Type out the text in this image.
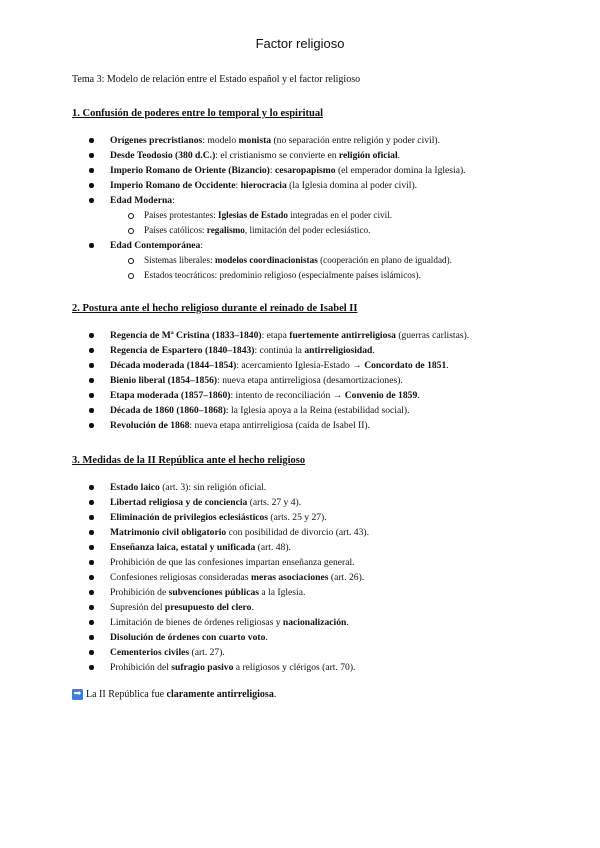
Factor religioso
Tema 3: Modelo de relación entre el Estado español y el factor religioso
1. Confusión de poderes entre lo temporal y lo espiritual
Orígenes precristianos: modelo monista (no separación entre religión y poder civil).
Desde Teodosio (380 d.C.): el cristianismo se convierte en religión oficial.
Imperio Romano de Oriente (Bizancio): cesaropapismo (el emperador domina la Iglesia).
Imperio Romano de Occidente: hierocracia (la Iglesia domina al poder civil).
Edad Moderna:
Países protestantes: Iglesias de Estado integradas en el poder civil.
Países católicos: regalismo, limitación del poder eclesiástico.
Edad Contemporánea:
Sistemas liberales: modelos coordinacionistas (cooperación en plano de igualdad).
Estados teocráticos: predominio religioso (especialmente países islámicos).
2. Postura ante el hecho religioso durante el reinado de Isabel II
Regencia de Mª Cristina (1833–1840): etapa fuertemente antirreligiosa (guerras carlistas).
Regencia de Espartero (1840–1843): continúa la antirreligiosidad.
Década moderada (1844–1854): acercamiento Iglesia-Estado → Concordato de 1851.
Bienio liberal (1854–1856): nueva etapa antirreligiosa (desamortizaciones).
Etapa moderada (1857–1860): intento de reconciliación → Convenio de 1859.
Década de 1860 (1860–1868): la Iglesia apoya a la Reina (estabilidad social).
Revolución de 1868: nueva etapa antirreligiosa (caída de Isabel II).
3. Medidas de la II República ante el hecho religioso
Estado laico (art. 3): sin religión oficial.
Libertad religiosa y de conciencia (arts. 27 y 4).
Eliminación de privilegios eclesiásticos (arts. 25 y 27).
Matrimonio civil obligatorio con posibilidad de divorcio (art. 43).
Enseñanza laica, estatal y unificada (art. 48).
Prohibición de que las confesiones impartan enseñanza general.
Confesiones religiosas consideradas meras asociaciones (art. 26).
Prohibición de subvenciones públicas a la Iglesia.
Supresión del presupuesto del clero.
Limitación de bienes de órdenes religiosas y nacionalización.
Disolución de órdenes con cuarto voto.
Cementerios civiles (art. 27).
Prohibición del sufragio pasivo a religiosos y clérigos (art. 70).
➡ La II República fue claramente antirreligiosa.
